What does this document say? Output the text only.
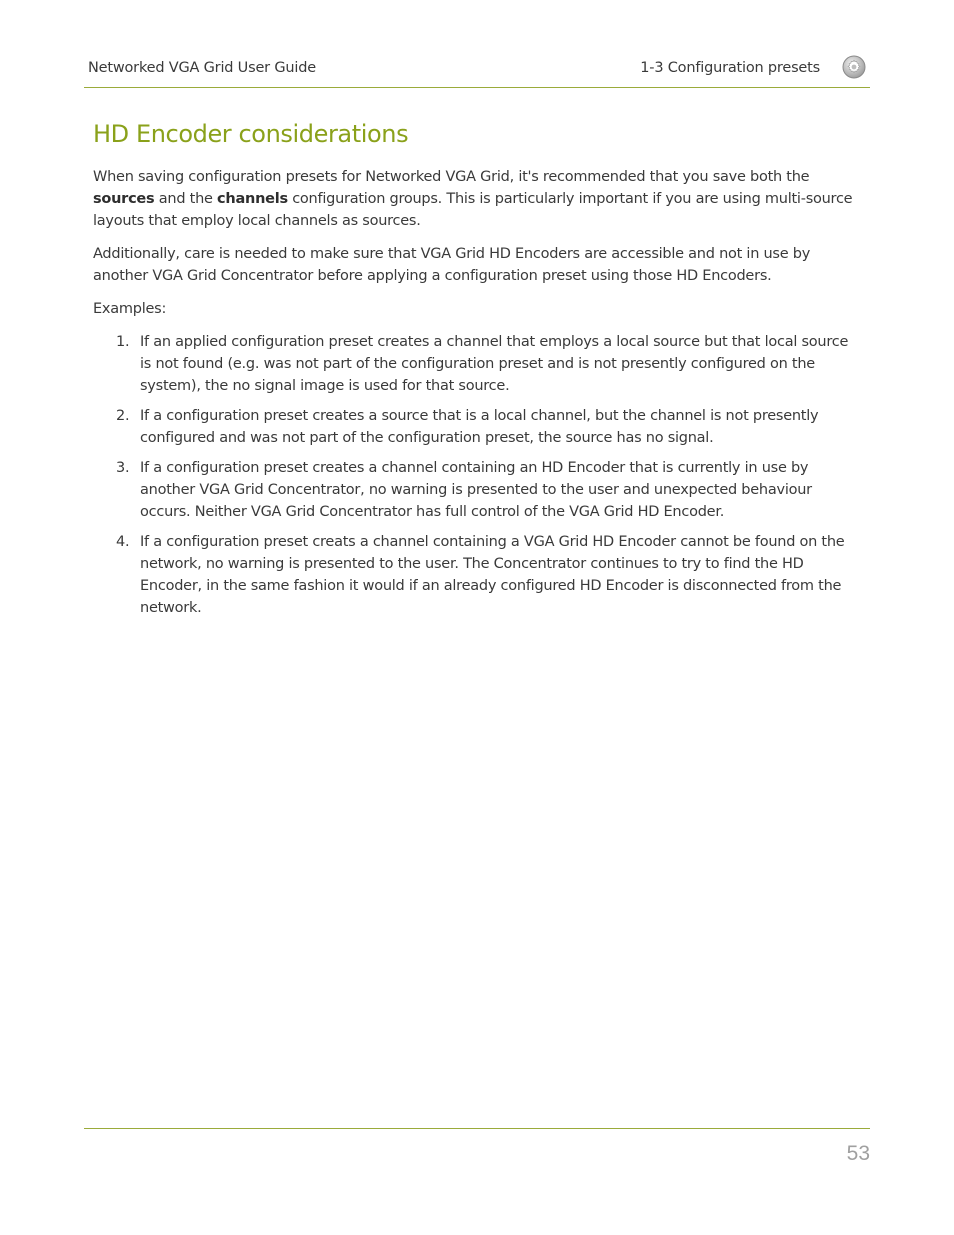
Networked VGA Grid User Guide	1-3 Configuration presets
HD Encoder considerations

When saving configuration presets for Networked VGA Grid, it's recommended that you save both the sources and the channels configuration groups. This is particularly important if you are using multi-source layouts that employ local channels as sources.

Additionally, care is needed to make sure that VGA Grid HD Encoders are accessible and not in use by another VGA Grid Concentrator before applying a configuration preset using those HD Encoders.

Examples:

1. If an applied configuration preset creates a channel that employs a local source but that local source is not found (e.g. was not part of the configuration preset and is not presently configured on the system), the no signal image is used for that source.
2. If a configuration preset creates a source that is a local channel, but the channel is not presently configured and was not part of the configuration preset, the source has no signal.
3. If a configuration preset creates a channel containing an HD Encoder that is currently in use by another VGA Grid Concentrator, no warning is presented to the user and unexpected behaviour occurs. Neither VGA Grid Concentrator has full control of the VGA Grid HD Encoder.
4. If a configuration preset creats a channel containing a VGA Grid HD Encoder cannot be found on the network, no warning is presented to the user. The Concentrator continues to try to find the HD Encoder, in the same fashion it would if an already configured HD Encoder is disconnected from the network.
53
